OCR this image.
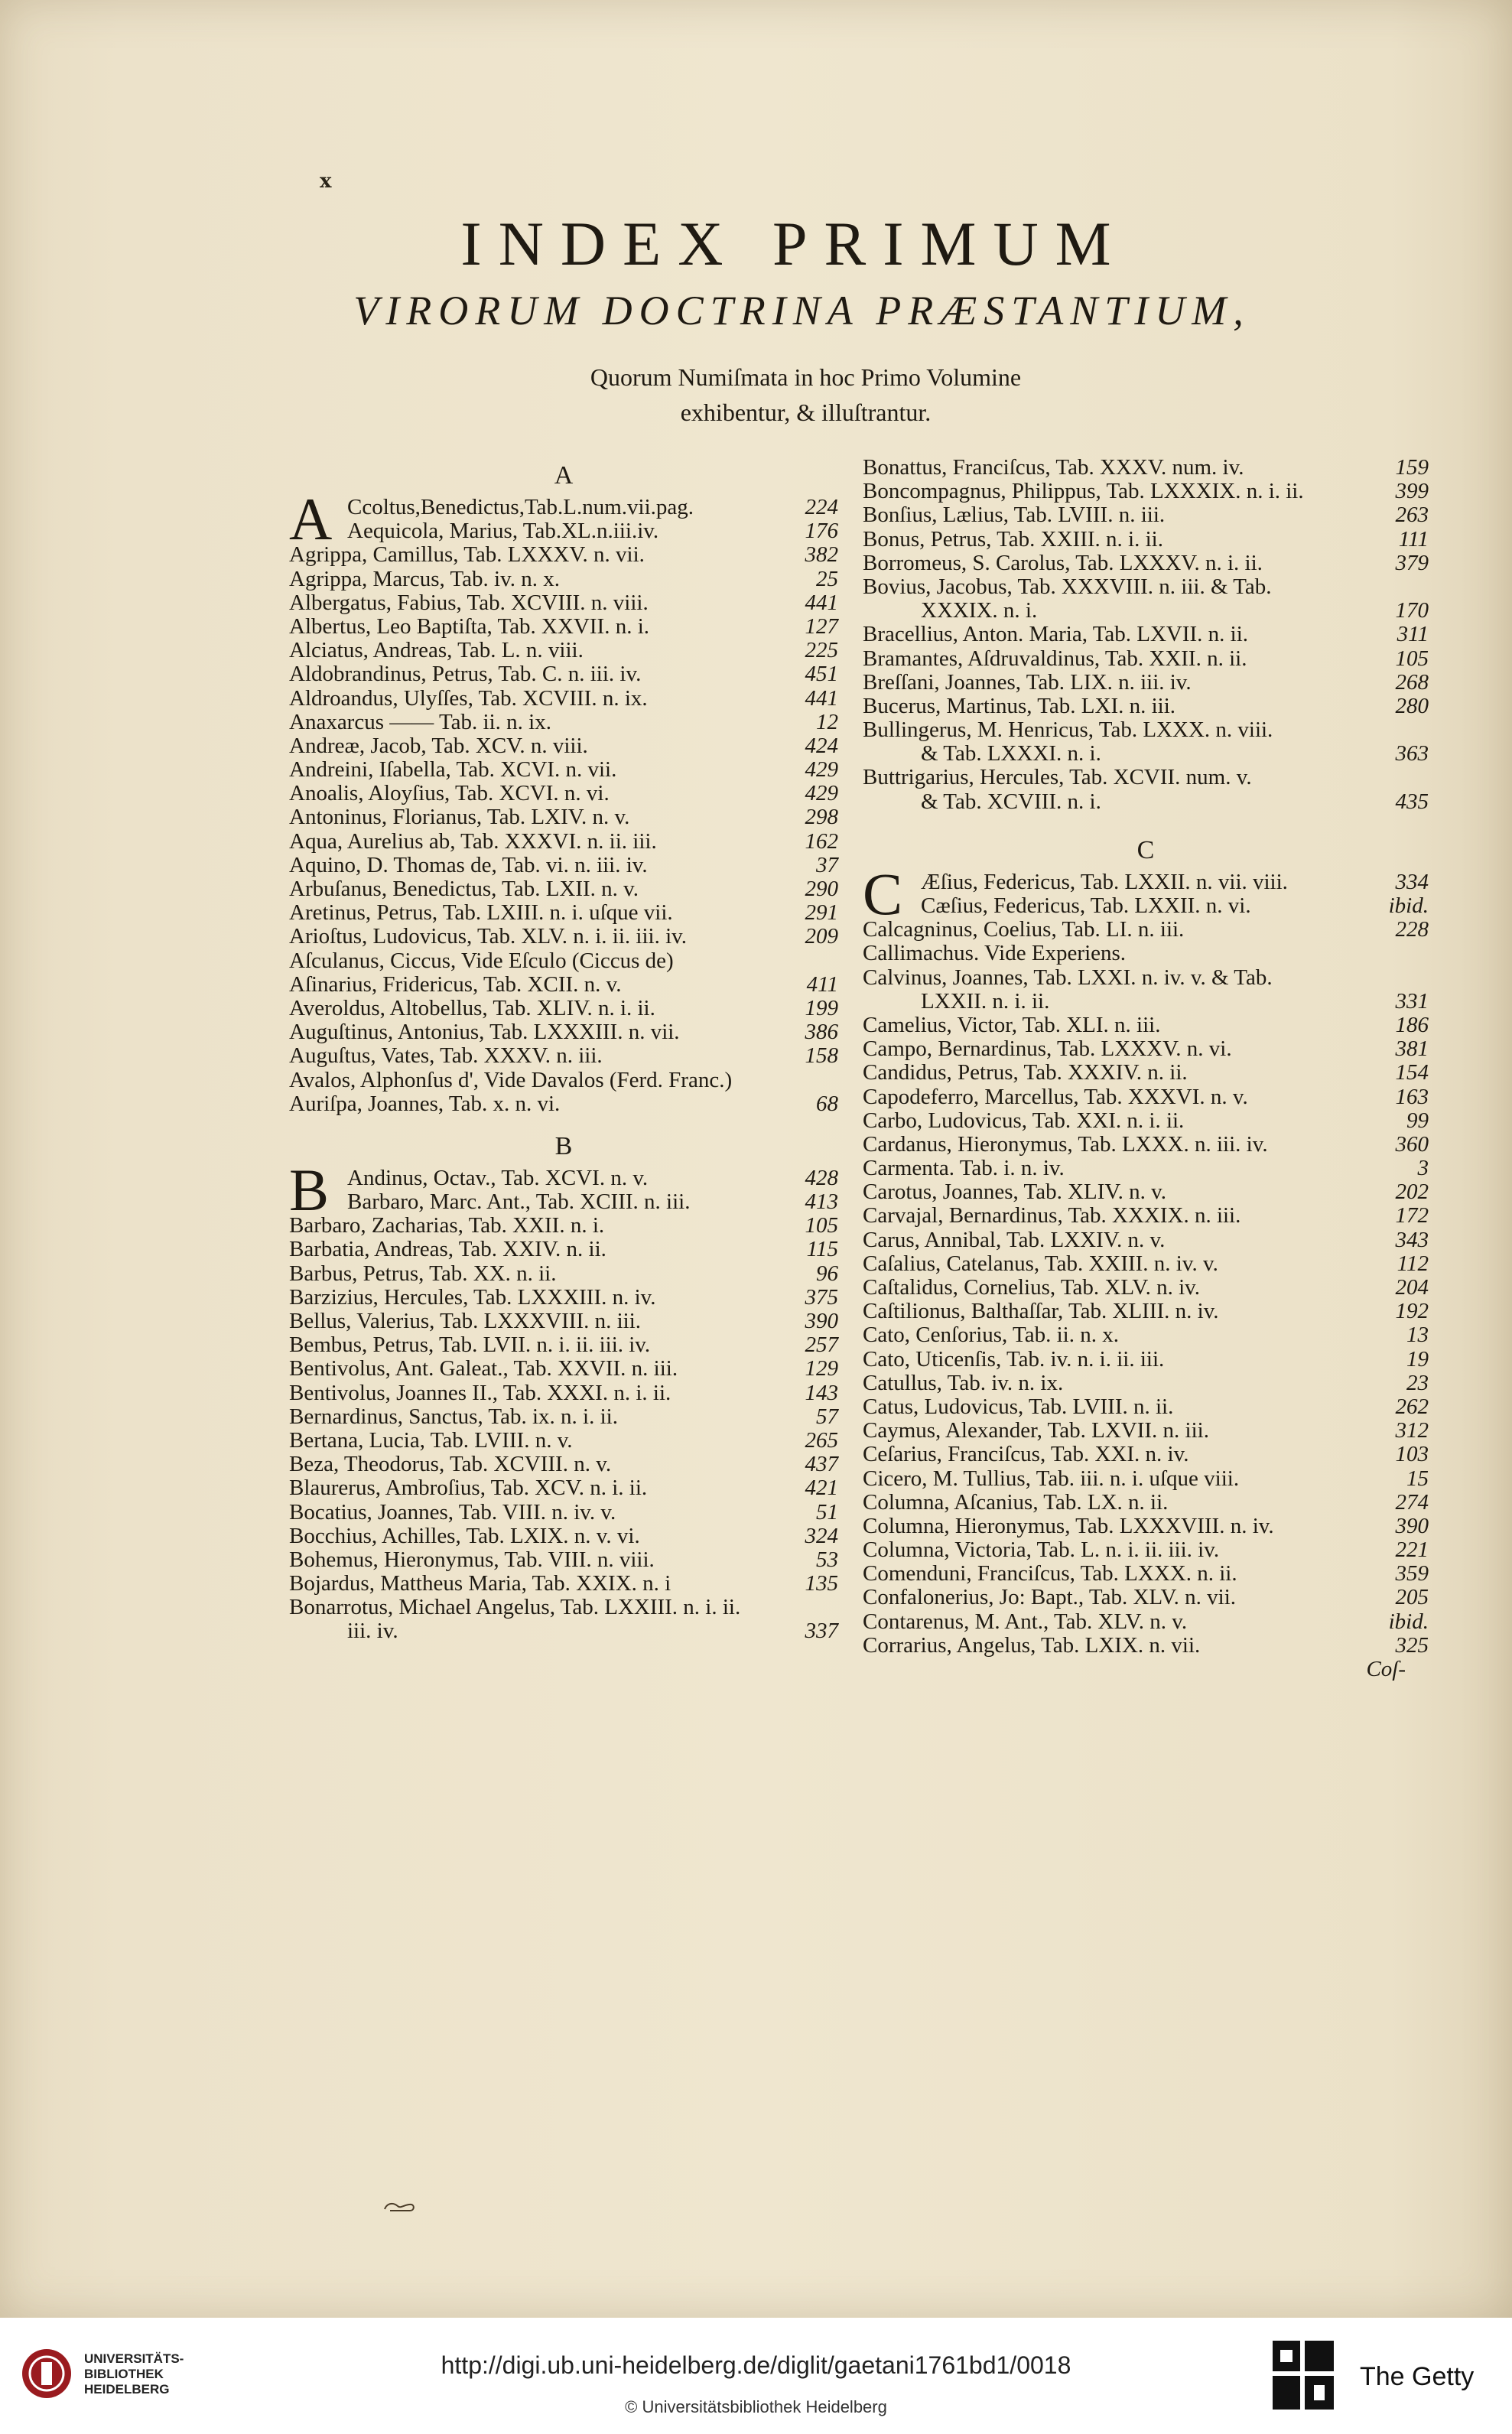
x
INDEX PRIMUM
VIRORUM DOCTRINA PRÆSTANTIUM,
Quorum Numiſmata in hoc Primo Volumine
exhibentur, & illuſtrantur.
A
A Ccoltus,Benedictus,Tab.L.num.vii.pag.	224
Aequicola, Marius, Tab.XL.n.iii.iv.	176
Agrippa, Camillus, Tab. LXXXV. n. vii.	382
Agrippa, Marcus, Tab. iv. n. x.	25
Albergatus, Fabius, Tab. XCVIII. n. viii.	441
Albertus, Leo Baptiſta, Tab. XXVII. n. i.	127
Alciatus, Andreas, Tab. L. n. viii.	225
Aldobrandinus, Petrus, Tab. C. n. iii. iv.	451
Aldroandus, Ulyſſes, Tab. XCVIII. n. ix.	441
Anaxarcus —— Tab. ii. n. ix.	12
Andreæ, Jacob, Tab. XCV. n. viii.	424
Andreini, Iſabella, Tab. XCVI. n. vii.	429
Anoalis, Aloyſius, Tab. XCVI. n. vi.	429
Antoninus, Florianus, Tab. LXIV. n. v.	298
Aqua, Aurelius ab, Tab. XXXVI. n. ii. iii.	162
Aquino, D. Thomas de, Tab. vi. n. iii. iv.	37
Arbuſanus, Benedictus, Tab. LXII. n. v.	290
Aretinus, Petrus, Tab. LXIII. n. i. uſque vii.	291
Arioſtus, Ludovicus, Tab. XLV. n. i. ii. iii. iv.	209
Aſculanus, Ciccus, Vide Eſculo (Ciccus de)
Aſinarius, Fridericus, Tab. XCII. n. v.	411
Averoldus, Altobellus, Tab. XLIV. n. i. ii.	199
Auguſtinus, Antonius, Tab. LXXXIII. n. vii.	386
Auguſtus, Vates, Tab. XXXV. n. iii.	158
Avalos, Alphonſus d', Vide Davalos (Ferd. Franc.)
Auriſpa, Joannes, Tab. x. n. vi.	68
B
B Andinus, Octav., Tab. XCVI. n. v.	428
Barbaro, Marc. Ant., Tab. XCIII. n. iii.	413
Barbaro, Zacharias, Tab. XXII. n. i.	105
Barbatia, Andreas, Tab. XXIV. n. ii.	115
Barbus, Petrus, Tab. XX. n. ii.	96
Barzizius, Hercules, Tab. LXXXIII. n. iv.	375
Bellus, Valerius, Tab. LXXXVIII. n. iii.	390
Bembus, Petrus, Tab. LVII. n. i. ii. iii. iv.	257
Bentivolus, Ant. Galeat., Tab. XXVII. n. iii.	129
Bentivolus, Joannes II., Tab. XXXI. n. i. ii.	143
Bernardinus, Sanctus, Tab. ix. n. i. ii.	57
Bertana, Lucia, Tab. LVIII. n. v.	265
Beza, Theodorus, Tab. XCVIII. n. v.	437
Blaurerus, Ambroſius, Tab. XCV. n. i. ii.	421
Bocatius, Joannes, Tab. VIII. n. iv. v.	51
Bocchius, Achilles, Tab. LXIX. n. v. vi.	324
Bohemus, Hieronymus, Tab. VIII. n. viii.	53
Bojardus, Mattheus Maria, Tab. XXIX. n. i	135
Bonarrotus, Michael Angelus, Tab. LXXIII. n. i. ii.
iii. iv.	337
Bonattus, Franciſcus, Tab. XXXV. num. iv.	159
Boncompagnus, Philippus, Tab. LXXXIX. n. i. ii.	399
Bonſius, Lælius, Tab. LVIII. n. iii.	263
Bonus, Petrus, Tab. XXIII. n. i. ii.	111
Borromeus, S. Carolus, Tab. LXXXV. n. i. ii.	379
Bovius, Jacobus, Tab. XXXVIII. n. iii. & Tab.
XXXIX. n. i.	170
Bracellius, Anton. Maria, Tab. LXVII. n. ii.	311
Bramantes, Aſdruvaldinus, Tab. XXII. n. ii.	105
Breſſani, Joannes, Tab. LIX. n. iii. iv.	268
Bucerus, Martinus, Tab. LXI. n. iii.	280
Bullingerus, M. Henricus, Tab. LXXX. n. viii.
& Tab. LXXXI. n. i.	363
Buttrigarius, Hercules, Tab. XCVII. num. v.
& Tab. XCVIII. n. i.	435
C
C Æſius, Federicus, Tab. LXXII. n. vii. viii.	334
Cæſius, Federicus, Tab. LXXII. n. vi.	ibid.
Calcagninus, Coelius, Tab. LI. n. iii.	228
Callimachus. Vide Experiens.
Calvinus, Joannes, Tab. LXXI. n. iv. v. & Tab.
LXXII. n. i. ii.	331
Camelius, Victor, Tab. XLI. n. iii.	186
Campo, Bernardinus, Tab. LXXXV. n. vi.	381
Candidus, Petrus, Tab. XXXIV. n. ii.	154
Capodeferro, Marcellus, Tab. XXXVI. n. v.	163
Carbo, Ludovicus, Tab. XXI. n. i. ii.	99
Cardanus, Hieronymus, Tab. LXXX. n. iii. iv.	360
Carmenta. Tab. i. n. iv.	3
Carotus, Joannes, Tab. XLIV. n. v.	202
Carvajal, Bernardinus, Tab. XXXIX. n. iii.	172
Carus, Annibal, Tab. LXXIV. n. v.	343
Caſalius, Catelanus, Tab. XXIII. n. iv. v.	112
Caſtalidus, Cornelius, Tab. XLV. n. iv.	204
Caſtilionus, Balthaſſar, Tab. XLIII. n. iv.	192
Cato, Cenſorius, Tab. ii. n. x.	13
Cato, Uticenſis, Tab. iv. n. i. ii. iii.	19
Catullus, Tab. iv. n. ix.	23
Catus, Ludovicus, Tab. LVIII. n. ii.	262
Caymus, Alexander, Tab. LXVII. n. iii.	312
Ceſarius, Franciſcus, Tab. XXI. n. iv.	103
Cicero, M. Tullius, Tab. iii. n. i. uſque viii.	15
Columna, Aſcanius, Tab. LX. n. ii.	274
Columna, Hieronymus, Tab. LXXXVIII. n. iv.	390
Columna, Victoria, Tab. L. n. i. ii. iii. iv.	221
Comenduni, Franciſcus, Tab. LXXX. n. ii.	359
Confalonerius, Jo: Bapt., Tab. XLV. n. vii.	205
Contarenus, M. Ant., Tab. XLV. n. v.	ibid.
Corrarius, Angelus, Tab. LXIX. n. vii.	325
Coſ-
UNIVERSITÄTS-
BIBLIOTHEK
HEIDELBERG
http://digi.ub.uni-heidelberg.de/diglit/gaetani1761bd1/0018
© Universitätsbibliothek Heidelberg
The Getty
